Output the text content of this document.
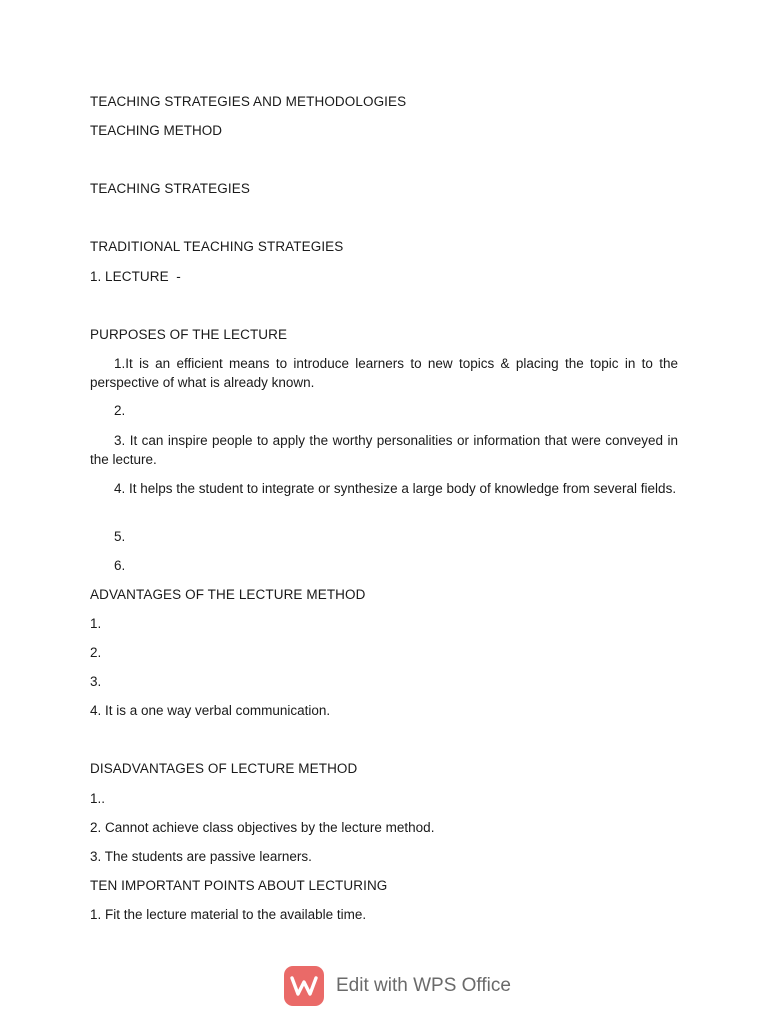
TEACHING STRATEGIES AND METHODOLOGIES
TEACHING METHOD
TEACHING STRATEGIES
TRADITIONAL TEACHING STRATEGIES
1. LECTURE  -
PURPOSES OF THE LECTURE
1.It is an efficient means to introduce learners to new topics & placing the topic in to the perspective of what is already known.
2.
3. It can inspire people to apply the worthy personalities or information that were conveyed in the lecture.
4. It helps the student to integrate or synthesize a large body of knowledge from several fields.
5.
6.
ADVANTAGES OF THE LECTURE METHOD
1.
2.
3.
4. It is a one way verbal communication.
DISADVANTAGES OF LECTURE METHOD
1..
2. Cannot achieve class objectives by the lecture method.
3. The students are passive learners.
TEN IMPORTANT POINTS ABOUT LECTURING
1. Fit the lecture material to the available time.
Edit with WPS Office
